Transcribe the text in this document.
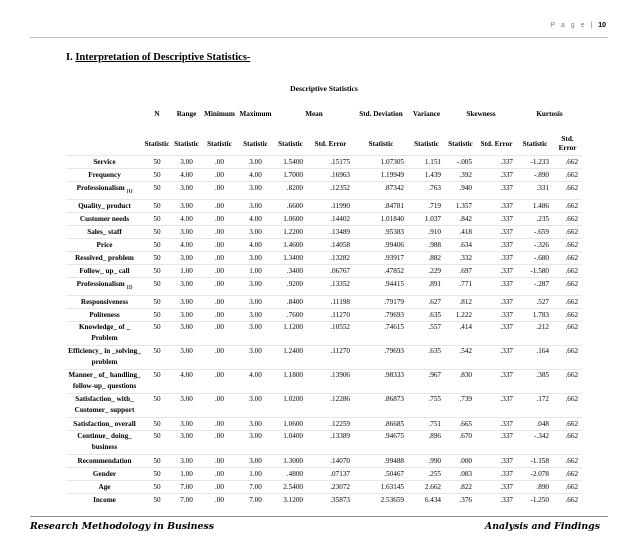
P a g e | 10
I. Interpretation of Descriptive Statistics-
Descriptive Statistics												
	N	Range	Minimum	Maximum	Mean		Std. Deviation	Variance	Skewness		Kurtosis	
	Statistic	Statistic	Statistic	Statistic	Statistic	Std. Error	Statistic	Statistic	Statistic	Std. Error	Statistic	Std. Error
Service	50	3.00	.00	3.00	1.5400	.15175	1.07305	1.151	-.005	.337	-1.233	.662
Frequency	50	4.00	.00	4.00	1.7000	.16963	1.19949	1.439	.392	.337	-.890	.662
Professionalism $_{(1)}$	50	3.00	.00	3.00	.8200	.12352	.87342	.763	.940	.337	.331	.662
Quality_ product	50	3.00	.00	3.00	.6600	.11990	.84781	.719	1.357	.337	1.486	.662
Customer needs	50	4.00	.00	4.00	1.0600	.14402	1.01840	1.037	.842	.337	.235	.662
Sales_ staff	50	3.00	.00	3.00	1.2200	.13489	.95383	.910	.418	.337	-.659	.662
Price	50	4.00	.00	4.00	1.4600	.14058	.99406	.988	.634	.337	-.326	.662
Resolved_ problem	50	3.00	.00	3.00	1.3400	.13282	.93917	.882	.332	.337	-.680	.662
Follow_ up_ call	50	1.00	.00	1.00	.3400	.06767	.47852	.229	.697	.337	-1.580	.662
Professionalism $_{(2)}$	50	3.00	.00	3.00	.9200	.13352	.94415	.891	.771	.337	-.287	.662
Responsiveness	50	3.00	.00	3.00	.8400	.11198	.79179	.627	.812	.337	.527	.662
Politeness	50	3.00	.00	3.00	.7600	.11270	.79693	.635	1.222	.337	1.783	.662
Knowledge_ of _ Problem	50	3.00	.00	3.00	1.1200	.10552	.74615	.557	.414	.337	.212	.662
Efficiency_ in _solving_ problem	50	3.00	.00	3.00	1.2400	.11270	.79693	.635	.542	.337	.164	.662
Manner_ of_ handling_ follow-up_ questions	50	4.00	.00	4.00	1.1800	.13906	.98333	.967	.830	.337	.385	.662
Satisfaction_ with_ Customer_ support	50	3.00	.00	3.00	1.0200	.12286	.86873	.755	.739	.337	.172	.662
Satisfaction_ overall	50	3.00	.00	3.00	1.0600	.12259	.86685	.751	.665	.337	.048	.662
Continue_ doing_ business	50	3.00	.00	3.00	1.0400	.13389	.94675	.896	.670	.337	-.342	.662
Recommendation	50	3.00	.00	3.00	1.3000	.14070	.99488	.990	.000	.337	-1.158	.662
Gender	50	1.00	.00	1.00	.4800	.07137	.50467	.255	.083	.337	-2.078	.662
Age	50	7.00	.00	7.00	2.5400	.23072	1.63145	2.662	.822	.337	.890	.662
Income	50	7.00	.00	7.00	3.1200	.35873	2.53659	6.434	.376	.337	-1.250	.662
Research Methodology in Business	Analysis and Findings
